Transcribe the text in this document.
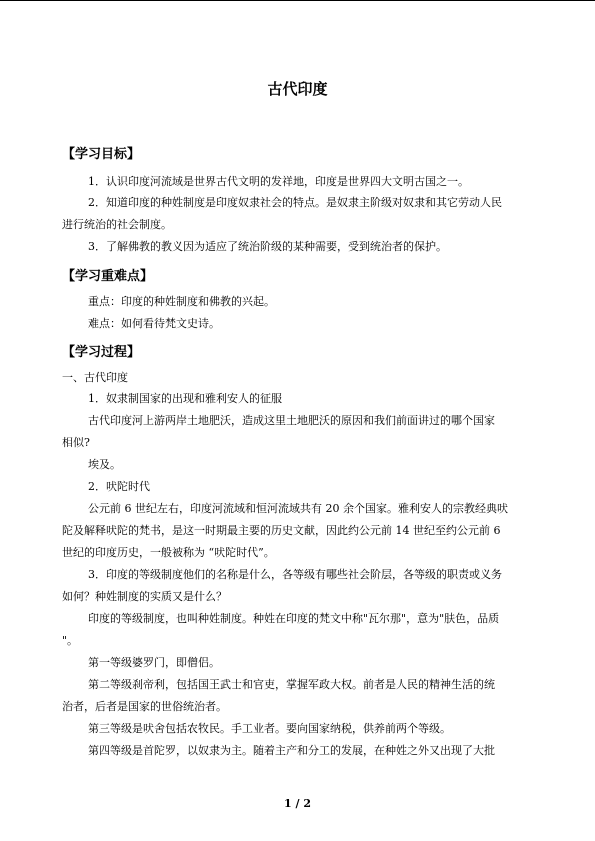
古代印度
【学习目标】
1．认识印度河流域是世界古代文明的发祥地，印度是世界四大文明古国之一。
2．知道印度的种姓制度是印度奴隶社会的特点。是奴隶主阶级对奴隶和其它劳动人民
进行统治的社会制度。
3．了解佛教的教义因为适应了统治阶级的某种需要，受到统治者的保护。
【学习重难点】
重点：印度的种姓制度和佛教的兴起。
难点：如何看待梵文史诗。
【学习过程】
一、古代印度
1．奴隶制国家的出现和雅利安人的征服
古代印度河上游两岸土地肥沃，造成这里土地肥沃的原因和我们前面讲过的哪个国家
相似?
埃及。
2．吠陀时代
公元前 6 世纪左右，印度河流域和恒河流域共有 20 余个国家。雅利安人的宗教经典吠
陀及解释吠陀的梵书，是这一时期最主要的历史文献，因此约公元前 14 世纪至约公元前 6
世纪的印度历史，一般被称为 “吠陀时代”。
3．印度的等级制度他们的名称是什么，各等级有哪些社会阶层，各等级的职责或义务
如何？种姓制度的实质又是什么？
印度的等级制度，也叫种姓制度。种姓在印度的梵文中称"瓦尔那"，意为"肤色，品质
"。
第一等级婆罗门，即僧侣。
第二等级刹帝利，包括国王武士和官吏，掌握军政大权。前者是人民的精神生活的统
治者，后者是国家的世俗统治者。
第三等级是吠舍包括农牧民。手工业者。要向国家纳税，供养前两个等级。
第四等级是首陀罗，以奴隶为主。随着主产和分工的发展，在种姓之外又出现了大批
1 / 2
